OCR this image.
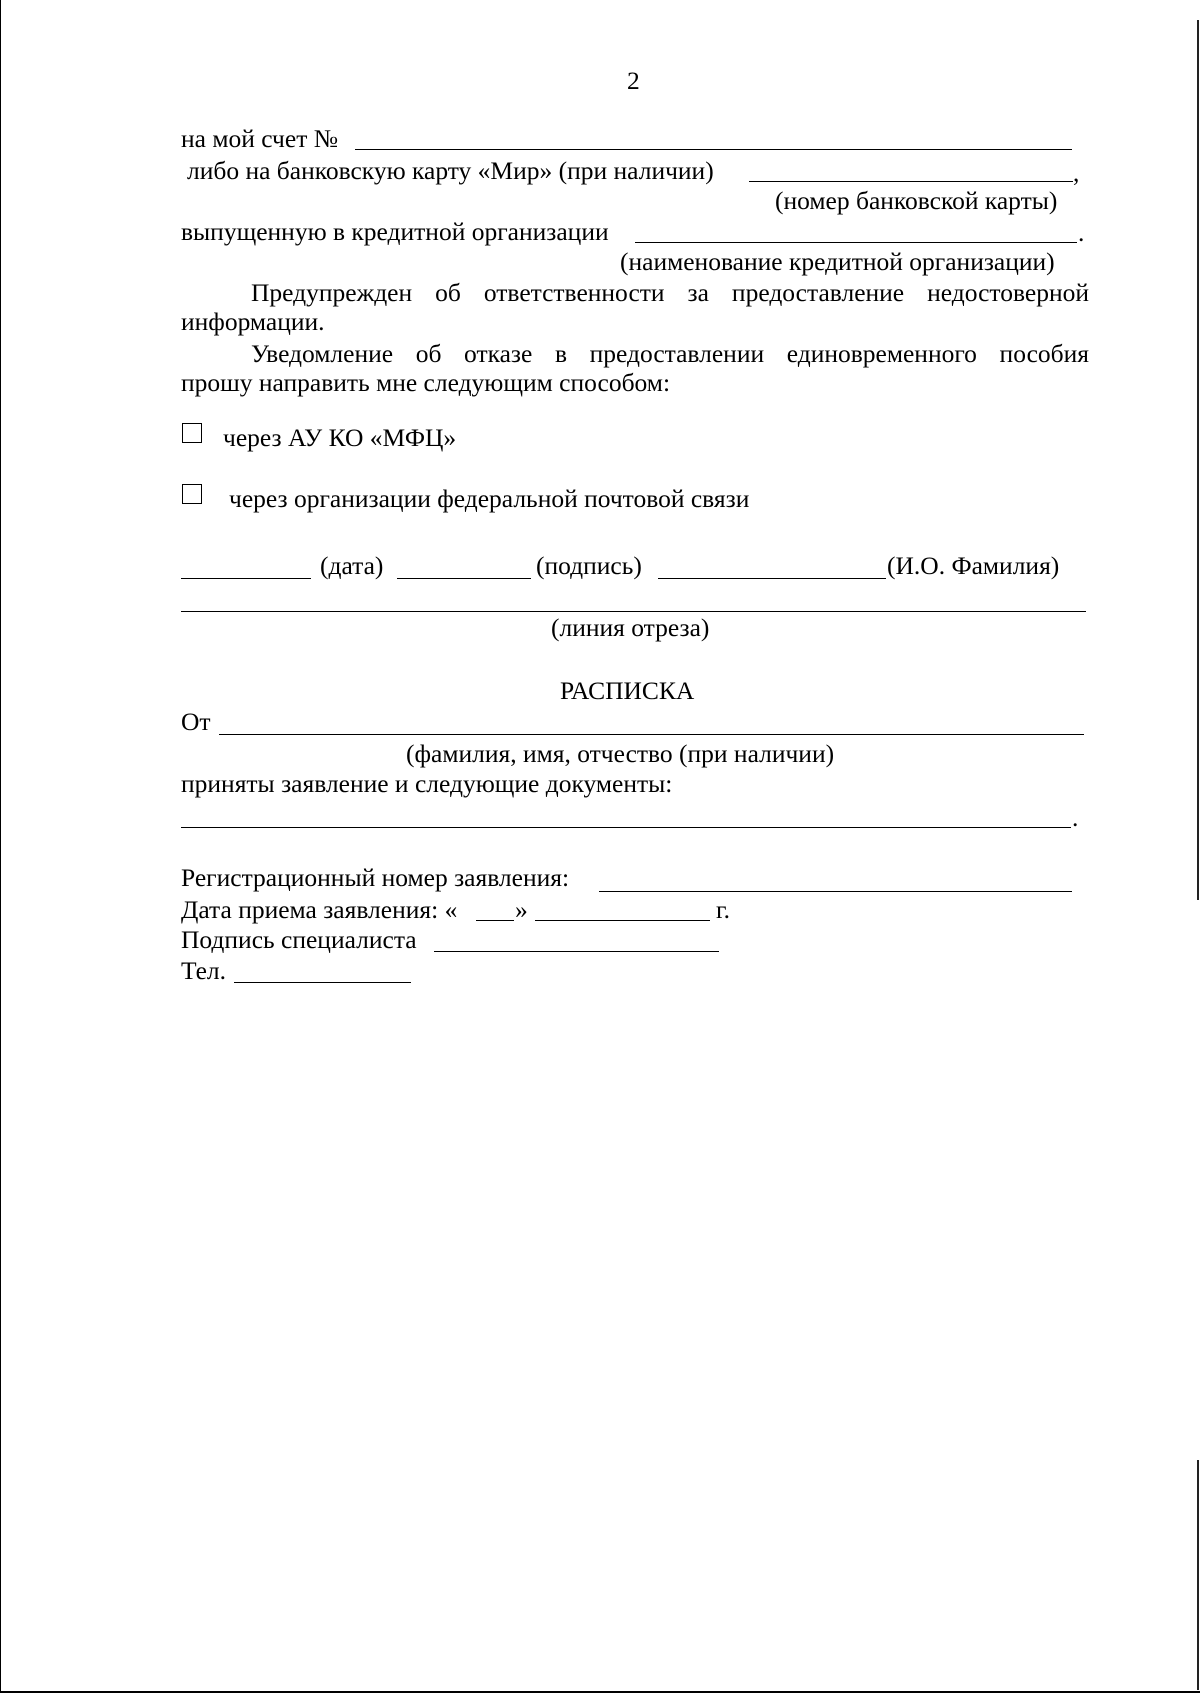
2
на мой счет №
либо на банковскую карту «Мир» (при наличии)	,
(номер банковской карты)
выпущенную в кредитной организации	.
(наименование кредитной организации)
Предупрежден об ответственности за предоставление недостоверной
информации.
Уведомление об отказе в предоставлении единовременного пособия
прошу направить мне следующим способом:
через АУ КО «МФЦ»
через организации федеральной почтовой связи
(дата)	(подпись)	(И.О. Фамилия)
(линия отреза)
РАСПИСКА
От
(фамилия, имя, отчество (при наличии)
приняты заявление и следующие документы:
.
Регистрационный номер заявления:
Дата приема заявления: « »	г.
Подпись специалиста
Тел.
